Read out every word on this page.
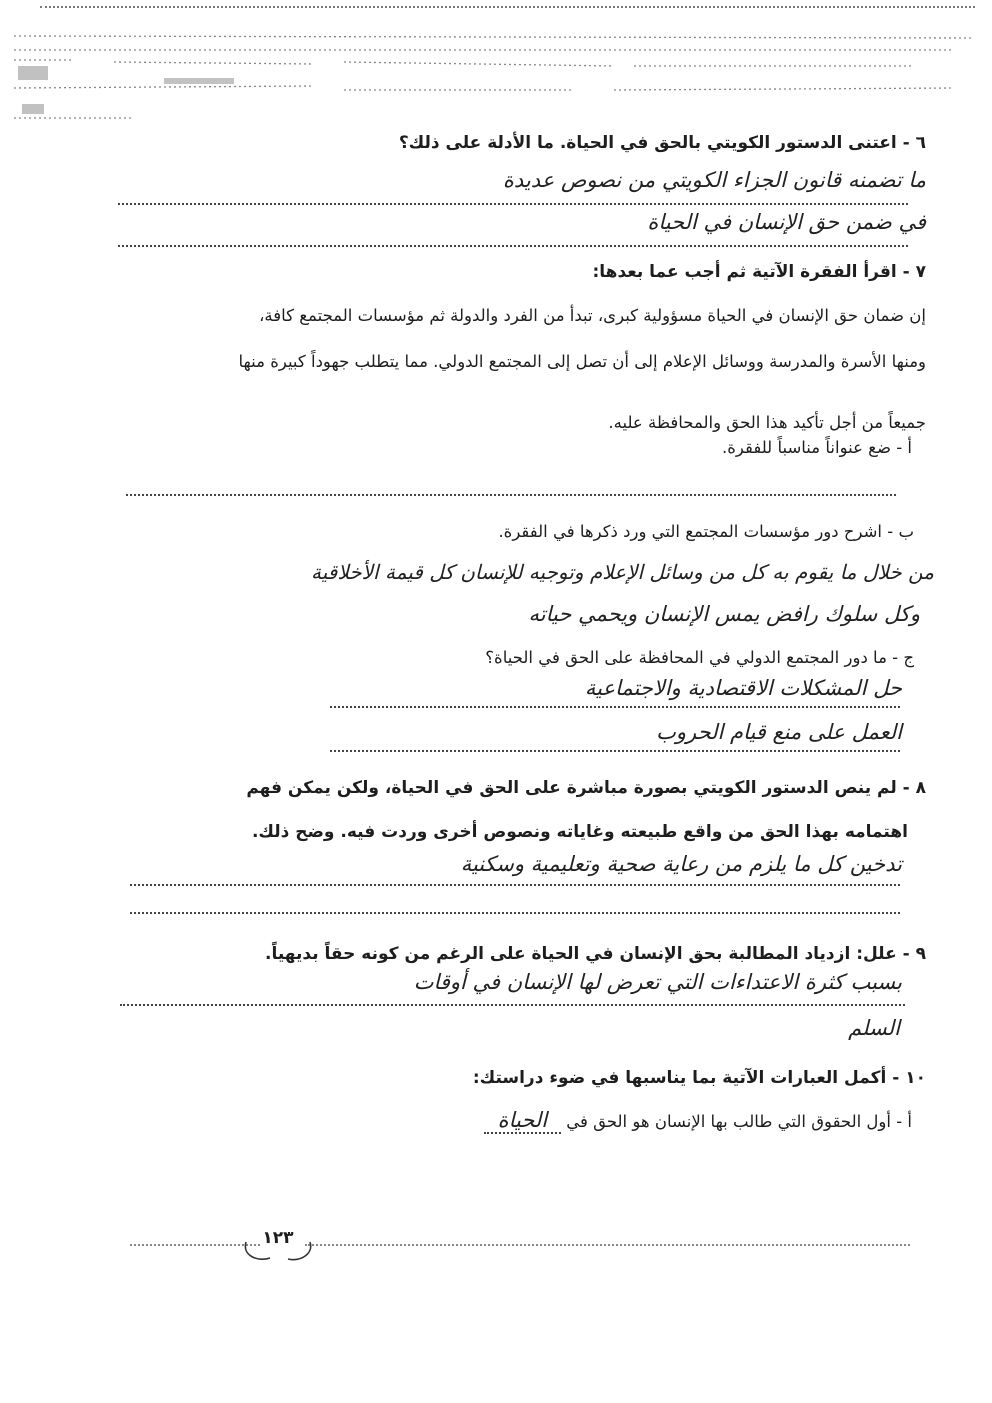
٦ - اعتنى الدستور الكويتي بالحق في الحياة. ما الأدلة على ذلك؟
ما تضمنه قانون الجزاء الكويتي من نصوص عديدة
في ضمن حق الإنسان في الحياة
٧ - اقرأ الفقرة الآتية ثم أجب عما بعدها:
إن ضمان حق الإنسان في الحياة مسؤولية كبرى، تبدأ من الفرد والدولة ثم مؤسسات المجتمع كافة،
ومنها الأسرة والمدرسة ووسائل الإعلام إلى أن تصل إلى المجتمع الدولي. مما يتطلب جهوداً كبيرة منها
جميعاً من أجل تأكيد هذا الحق والمحافظة عليه.
أ - ضع عنواناً مناسباً للفقرة.
ب - اشرح دور مؤسسات المجتمع التي ورد ذكرها في الفقرة.
من خلال ما يقوم به كل من وسائل الإعلام وتوجيه للإنسان كل قيمة الأخلاقية
وكل سلوك رافض يمس الإنسان ويحمي حياته
ج - ما دور المجتمع الدولي في المحافظة على الحق في الحياة؟
حل المشكلات الاقتصادية والاجتماعية
العمل على منع قيام الحروب
٨ - لم ينص الدستور الكويتي بصورة مباشرة على الحق في الحياة، ولكن يمكن فهم
اهتمامه بهذا الحق من واقع طبيعته وغاياته ونصوص أخرى وردت فيه. وضح ذلك.
تدخين كل ما يلزم من رعاية صحية وتعليمية وسكنية
٩ - علل: ازدياد المطالبة بحق الإنسان في الحياة على الرغم من كونه حقاً بديهياً.
بسبب كثرة الاعتداءات التي تعرض لها الإنسان في أوقات
السلم
١٠ - أكمل العبارات الآتية بما يناسبها في ضوء دراستك:
أ - أول الحقوق التي طالب بها الإنسان هو الحق في الحياة
١٢٣
